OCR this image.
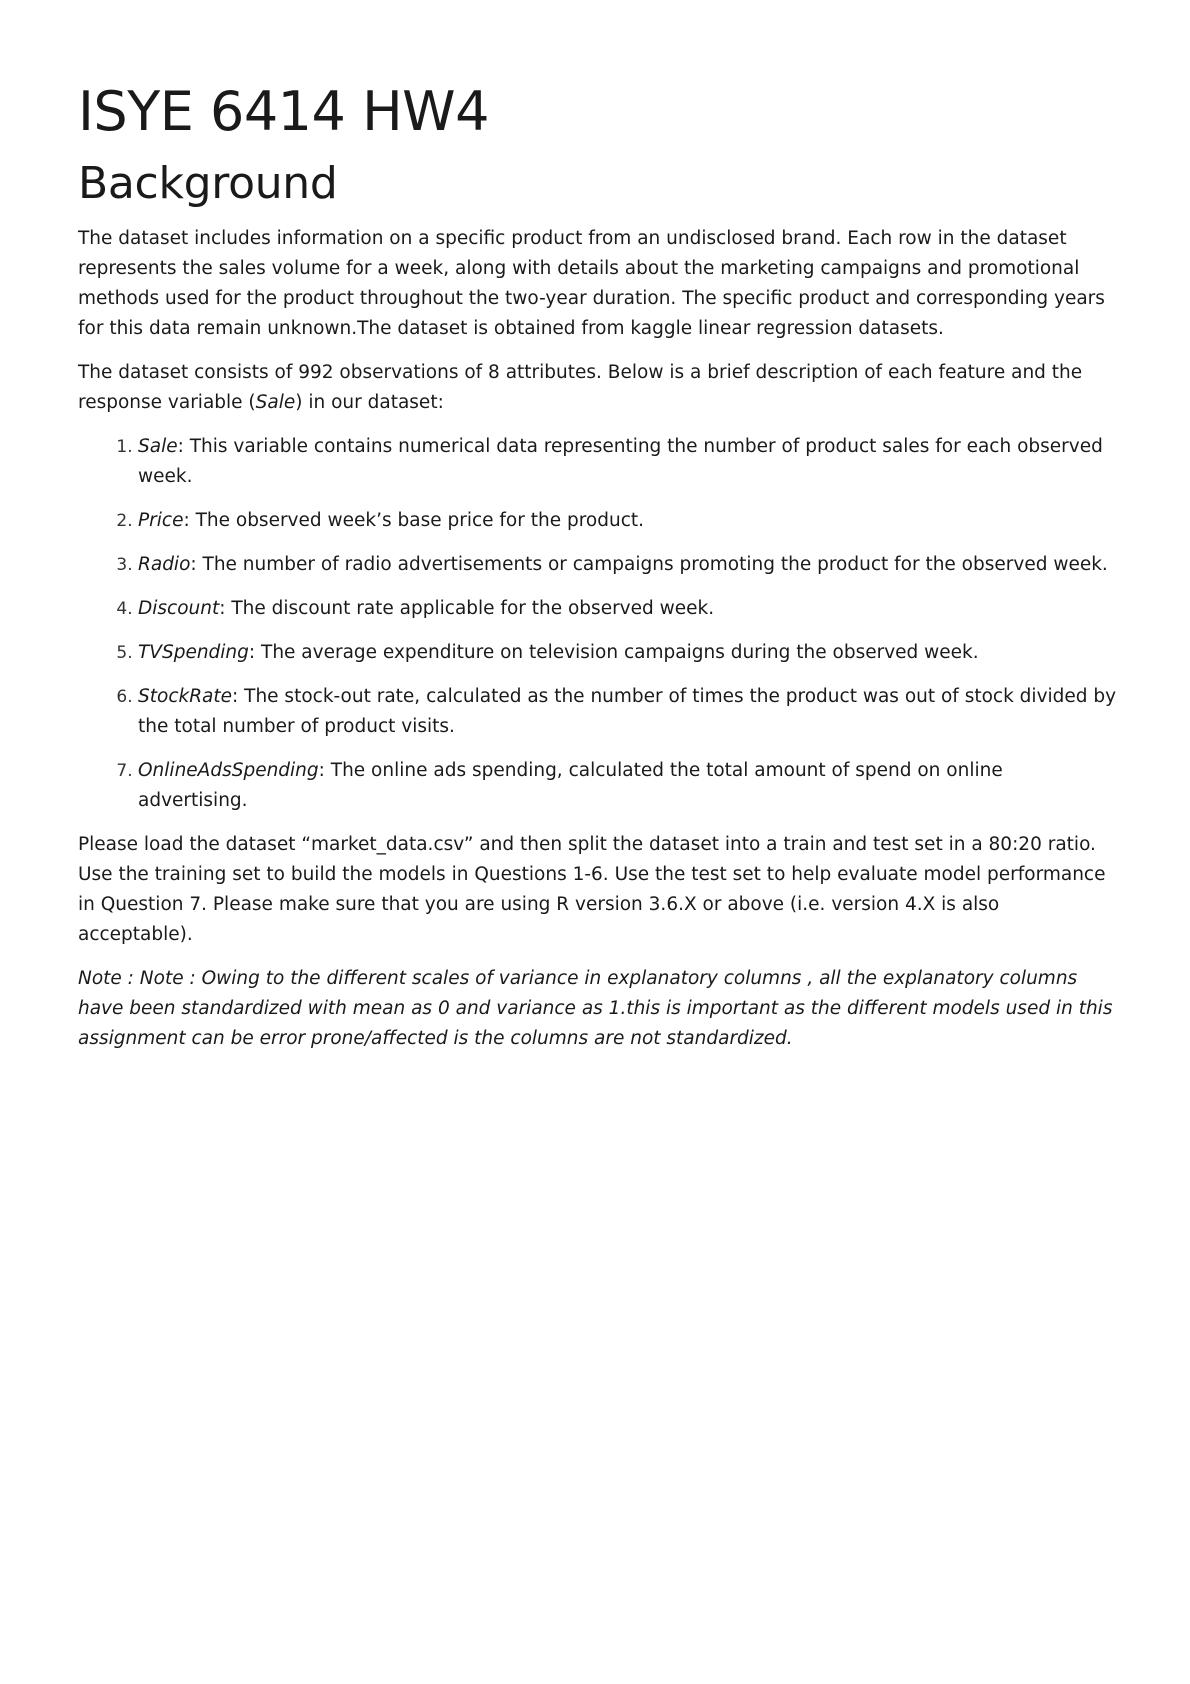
ISYE 6414 HW4
Background

The dataset includes information on a specific product from an undisclosed brand. Each row in the dataset represents the sales volume for a week, along with details about the marketing campaigns and promotional methods used for the product throughout the two-year duration. The specific product and corresponding years for this data remain unknown.The dataset is obtained from kaggle linear regression datasets.

The dataset consists of 992 observations of 8 attributes. Below is a brief description of each feature and the response variable (Sale) in our dataset:

1. Sale: This variable contains numerical data representing the number of product sales for each observed week.
2. Price: The observed week’s base price for the product.
3. Radio: The number of radio advertisements or campaigns promoting the product for the observed week.
4. Discount: The discount rate applicable for the observed week.
5. TVSpending: The average expenditure on television campaigns during the observed week.
6. StockRate: The stock-out rate, calculated as the number of times the product was out of stock divided by the total number of product visits.
7. OnlineAdsSpending: The online ads spending, calculated the total amount of spend on online advertising.

Please load the dataset “market_data.csv” and then split the dataset into a train and test set in a 80:20 ratio. Use the training set to build the models in Questions 1-6. Use the test set to help evaluate model performance in Question 7. Please make sure that you are using R version 3.6.X or above (i.e. version 4.X is also acceptable).

Note : Note : Owing to the different scales of variance in explanatory columns , all the explanatory columns have been standardized with mean as 0 and variance as 1.this is important as the different models used in this assignment can be error prone/affected is the columns are not standardized.
